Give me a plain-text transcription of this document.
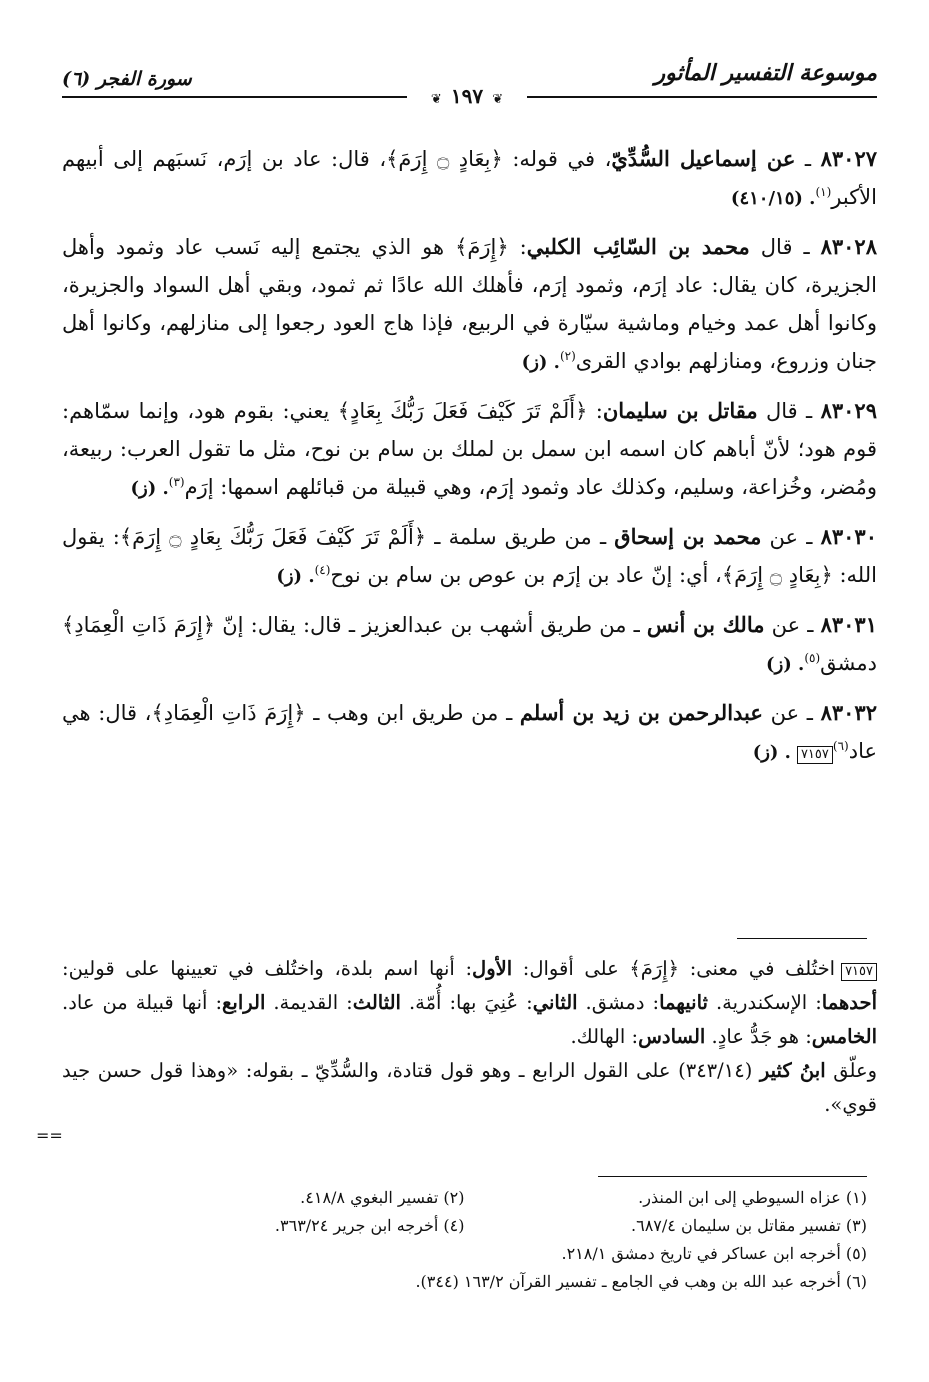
موسوعة التفسير المأثور
سورة الفجر (٦)
❦ ١٩٧ ❦

٨٣٠٢٧ ـ عن إسماعيل السُّدِّيّ، في قوله: ﴿بِعَادٍ ۝ إِرَمَ﴾، قال: عاد بن إرَم، نَسبَهم إلى أبيهم الأكبر$^{(١)}$. (٤١٠/١٥)

٨٣٠٢٨ ـ قال محمد بن السّائِب الكلبي: ﴿إِرَمَ﴾ هو الذي يجتمع إليه نَسب عاد وثمود وأهل الجزيرة، كان يقال: عاد إرَم، وثمود إرَم، فأهلك الله عادًا ثم ثمود، وبقي أهل السواد والجزيرة، وكانوا أهل عمد وخيام وماشية سيّارة في الربيع، فإذا هاج العود رجعوا إلى منازلهم، وكانوا أهل جنان وزروع، ومنازلهم بوادي القرى$^{(٢)}$. (ز)

٨٣٠٢٩ ـ قال مقاتل بن سليمان: ﴿أَلَمْ تَرَ كَيْفَ فَعَلَ رَبُّكَ بِعَادٍ﴾ يعني: بقوم هود، وإنما سمّاهم: قوم هود؛ لأنّ أباهم كان اسمه ابن سمل بن لملك بن سام بن نوح، مثل ما تقول العرب: ربيعة، ومُضر، وخُزاعة، وسليم، وكذلك عاد وثمود إرَم، وهي قبيلة من قبائلهم اسمها: إرَم$^{(٣)}$. (ز)

٨٣٠٣٠ ـ عن محمد بن إسحاق ـ من طريق سلمة ـ ﴿أَلَمْ تَرَ كَيْفَ فَعَلَ رَبُّكَ بِعَادٍ ۝ إِرَمَ﴾: يقول الله: ﴿بِعَادٍ ۝ إِرَمَ﴾، أي: إنّ عاد بن إرَم بن عوص بن سام بن نوح$^{(٤)}$. (ز)

٨٣٠٣١ ـ عن مالك بن أنس ـ من طريق أشهب بن عبدالعزيز ـ قال: يقال: إنّ ﴿إِرَمَ ذَاتِ الْعِمَادِ﴾ دمشق$^{(٥)}$. (ز)

٨٣٠٣٢ ـ عن عبدالرحمن بن زيد بن أسلم ـ من طريق ابن وهب ـ ﴿إِرَمَ ذَاتِ الْعِمَادِ﴾، قال: هي عاد$^{(٦)}$٧١٥٧. (ز)

٧١٥٧اختُلف في معنى: ﴿إِرَمَ﴾ على أقوال: الأول: أنها اسم بلدة، واختُلف في تعيينها على قولين: أحدهما: الإسكندرية. ثانيهما: دمشق. الثاني: عُنِيَ بها: أُمّة. الثالث: القديمة. الرابع: أنها قبيلة من عاد. الخامس: هو جَدُّ عادٍ. السادس: الهالك.

وعلّق ابنُ كثير (٣٤٣/١٤) على القول الرابع ـ وهو قول قتادة، والسُّدِّيّ ـ بقوله: «وهذا قول حسن جيد قوي».

==
(١) عزاه السيوطي إلى ابن المنذر.
(٢) تفسير البغوي ٤١٨/٨.
(٣) تفسير مقاتل بن سليمان ٦٨٧/٤.
(٤) أخرجه ابن جرير ٣٦٣/٢٤.
(٥) أخرجه ابن عساكر في تاريخ دمشق ٢١٨/١.
(٦) أخرجه عبد الله بن وهب في الجامع ـ تفسير القرآن ١٦٣/٢ (٣٤٤).
